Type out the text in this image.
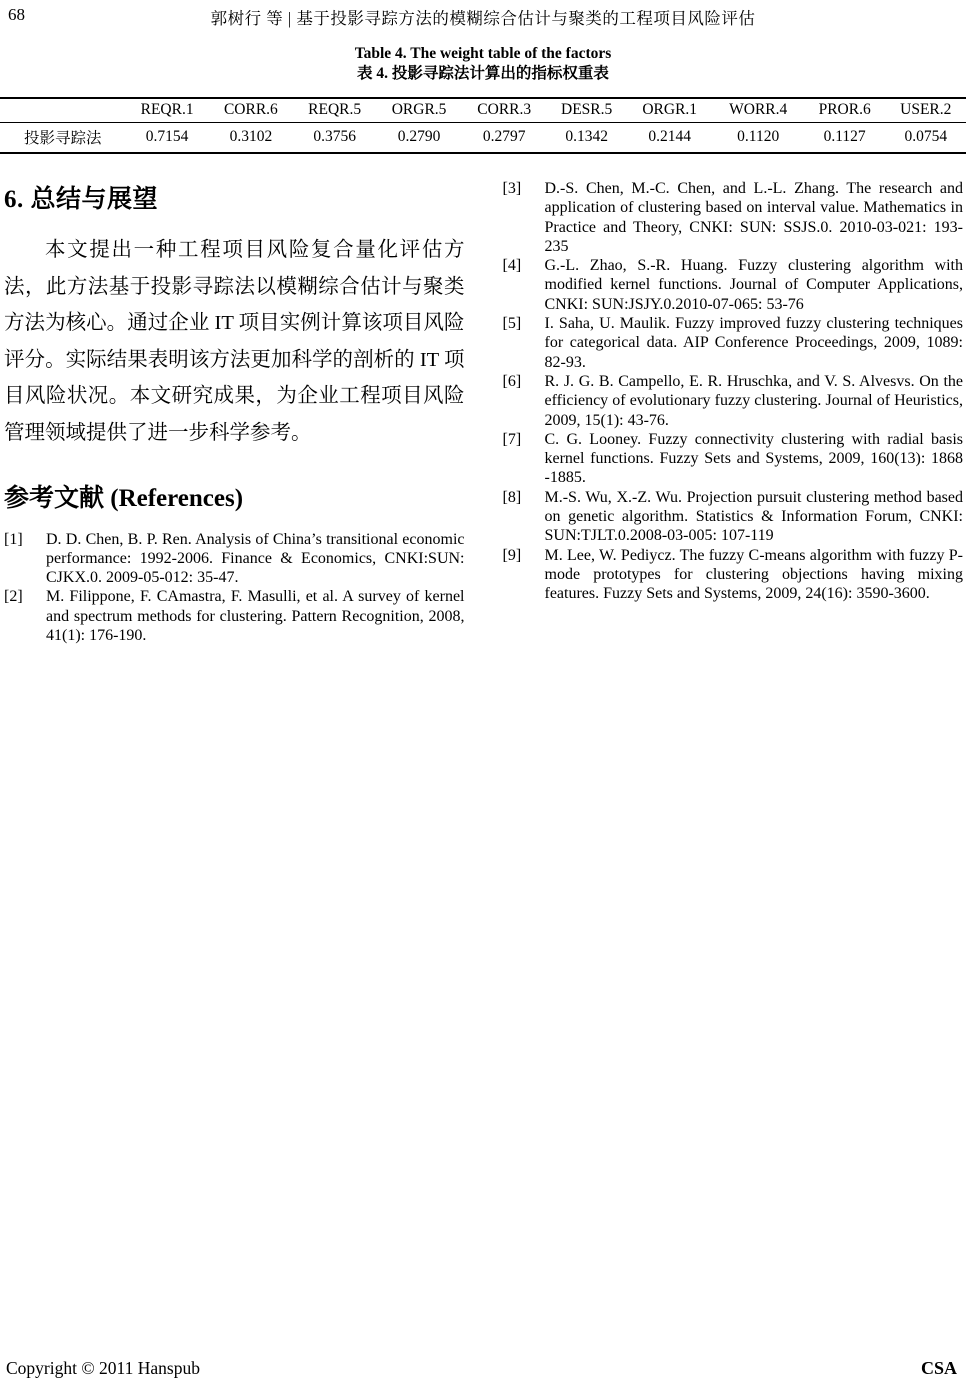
68	郭树行 等 | 基于投影寻踪方法的模糊综合估计与聚类的工程项目风险评估
Table 4. The weight table of the factors
表 4. 投影寻踪法计算出的指标权重表
	REQR.1	CORR.6	REQR.5	ORGR.5	CORR.3	DESR.5	ORGR.1	WORR.4	PROR.6	USER.2
投影寻踪法	0.7154	0.3102	0.3756	0.2790	0.2797	0.1342	0.2144	0.1120	0.1127	0.0754
6. 总结与展望

本文提出一种工程项目风险复合量化评估方法，此方法基于投影寻踪法以模糊综合估计与聚类方法为核心。通过企业 IT 项目实例计算该项目风险评分。实际结果表明该方法更加科学的剖析的 IT 项目风险状况。本文研究成果，为企业工程项目风险管理领域提供了进一步科学参考。

参考文献 (References)
[1]	D. D. Chen, B. P. Ren. Analysis of China’s transitional economic performance: 1992-2006. Finance & Economics, CNKI:SUN: CJKX.0. 2009-05-012: 35-47.
[2]	M. Filippone, F. CAmastra, F. Masulli, et al. A survey of kernel and spectrum methods for clustering. Pattern Recognition, 2008, 41(1): 176-190.
[3]	D.-S. Chen, M.-C. Chen, and L.-L. Zhang. The research and application of clustering based on interval value. Mathematics in Practice and Theory, CNKI: SUN: SSJS.0. 2010-03-021: 193-235
[4]	G.-L. Zhao, S.-R. Huang. Fuzzy clustering algorithm with modified kernel functions. Journal of Computer Applications, CNKI: SUN:JSJY.0.2010-07-065: 53-76
[5]	I. Saha, U. Maulik. Fuzzy improved fuzzy clustering techniques for categorical data. AIP Conference Proceedings, 2009, 1089: 82-93.
[6]	R. J. G. B. Campello, E. R. Hruschka, and V. S. Alvesvs. On the efficiency of evolutionary fuzzy clustering. Journal of Heuristics, 2009, 15(1): 43-76.
[7]	C. G. Looney. Fuzzy connectivity clustering with radial basis kernel functions. Fuzzy Sets and Systems, 2009, 160(13): 1868 -1885.
[8]	M.-S. Wu, X.-Z. Wu. Projection pursuit clustering method based on genetic algorithm. Statistics & Information Forum, CNKI: SUN:TJLT.0.2008-03-005: 107-119
[9]	M. Lee, W. Pediycz. The fuzzy C-means algorithm with fuzzy P-mode prototypes for clustering objections having mixing features. Fuzzy Sets and Systems, 2009, 24(16): 3590-3600.
Copyright © 2011 Hanspub	CSA
